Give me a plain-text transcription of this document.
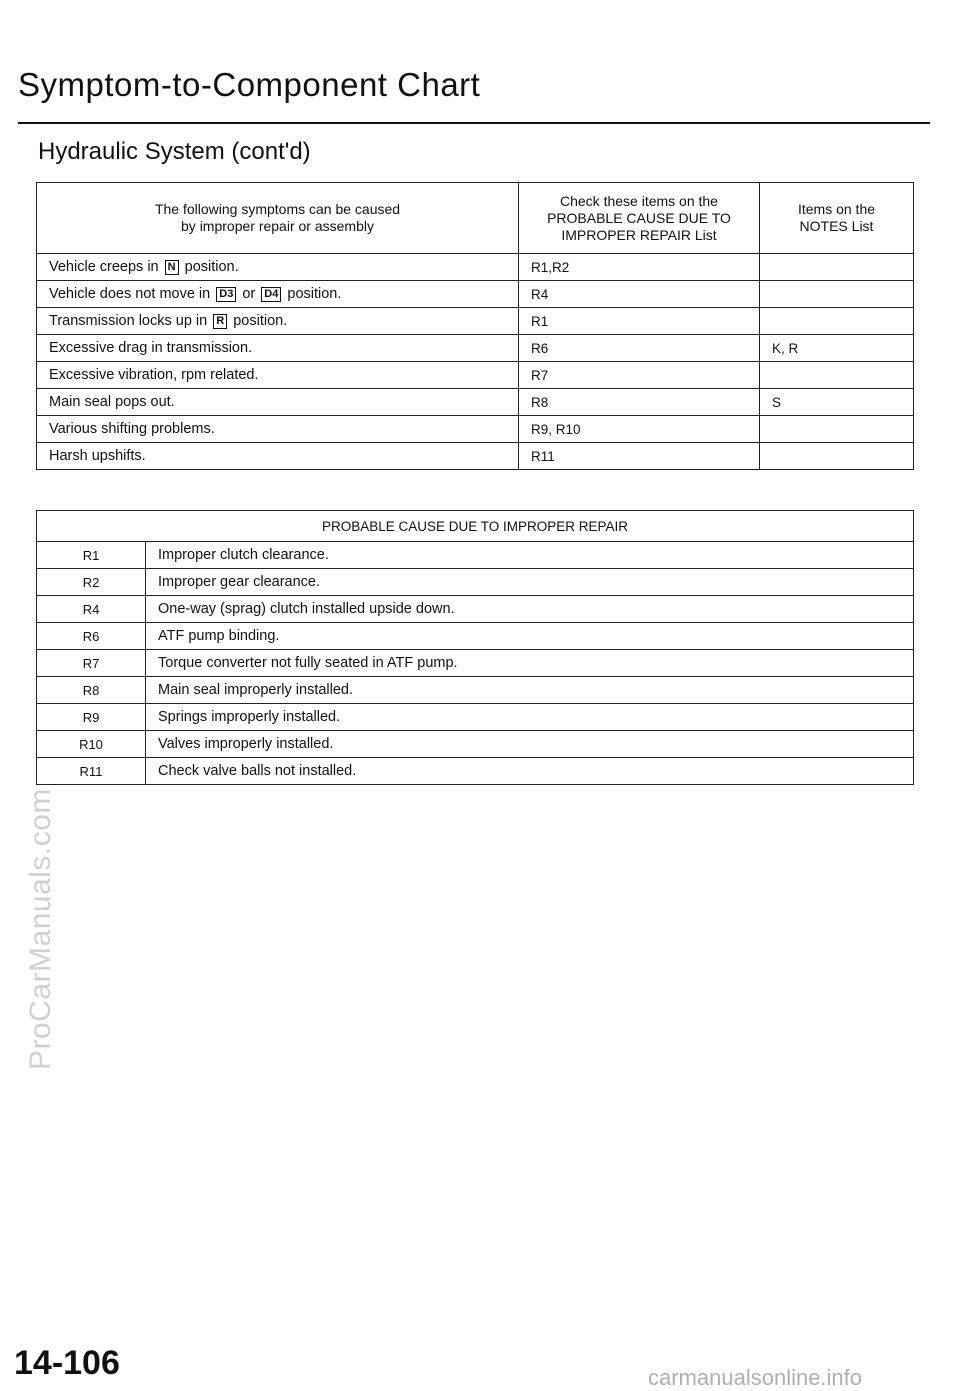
Symptom-to-Component Chart
Hydraulic System (cont'd)
The following symptoms can be caused
by improper repair or assembly	Check these items on the
PROBABLE CAUSE DUE TO
IMPROPER REPAIR List	Items on the
NOTES List

Vehicle creeps in N position.	R1,R2	
Vehicle does not move in D3 or D4 position.	R4	
Transmission locks up in R position.	R1	
Excessive drag in transmission.	R6	K, R
Excessive vibration, rpm related.	R7	
Main seal pops out.	R8	S
Various shifting problems.	R9, R10	
Harsh upshifts.	R11	
PROBABLE CAUSE DUE TO IMPROPER REPAIR	
R1	Improper clutch clearance.
R2	Improper gear clearance.
R4	One-way (sprag) clutch installed upside down.
R6	ATF pump binding.
R7	Torque converter not fully seated in ATF pump.
R8	Main seal improperly installed.
R9	Springs improperly installed.
R10	Valves improperly installed.
R11	Check valve balls not installed.
ProCarManuals.com
14-106	carmanualsonline.info
